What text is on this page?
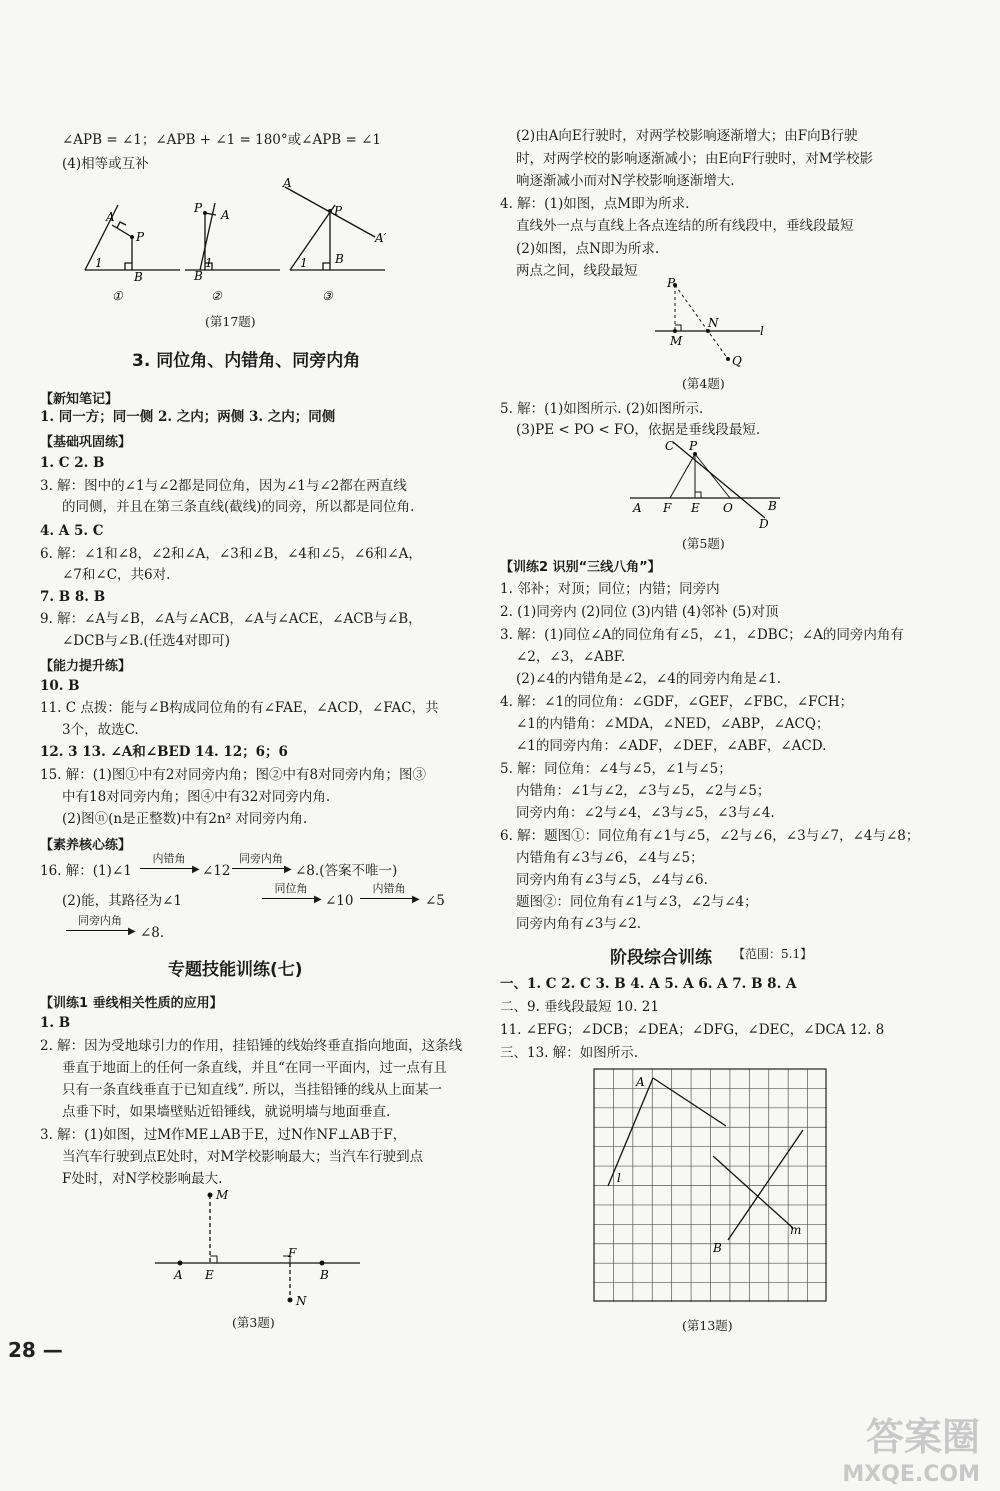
∠APB = ∠1；∠APB + ∠1 = 180°或∠APB = ∠1
(4)相等或互补
A
P
B
1
P A
B
1
A
A′
B
1
P
①	②	③
(第17题)
3. 同位角、内错角、同旁内角
【新知笔记】
1. 同一方；同一侧 2. 之内；两侧 3. 之内；同侧
【基础巩固练】
1. C 2. B
3. 解：图中的∠1与∠2都是同位角，因为∠1与∠2都在两直线
的同侧，并且在第三条直线(截线)的同旁，所以都是同位角.
4. A 5. C
6. 解：∠1和∠8，∠2和∠A，∠3和∠B，∠4和∠5，∠6和∠A，
∠7和∠C，共6对.
7. B 8. B
9. 解：∠A与∠B，∠A与∠ACB，∠A与∠ACE，∠ACB与∠B，
∠DCB与∠B.(任选4对即可)
【能力提升练】
10. B
11. C 点拨：能与∠B构成同位角的有∠FAE，∠ACD，∠FAC，共
3个，故选C.
12. 3 13. ∠A和∠BED 14. 12；6；6
15. 解：(1)图①中有2对同旁内角；图②中有8对同旁内角；图③
中有18对同旁内角；图④中有32对同旁内角.
(2)图ⓝ(n是正整数)中有2n² 对同旁内角.
【素养核心练】
16. 解：(1)∠1
内错角
▶ ∠12
同旁内角
▶ ∠8.(答案不唯一)
(2)能，其路径为∠1
同位角
▶ ∠10
内错角
▶ ∠5
同旁内角
▶ ∠8.
专题技能训练(七)
【训练1 垂线相关性质的应用】
1. B
2. 解：因为受地球引力的作用，挂铅锤的线始终垂直指向地面，这条线
垂直于地面上的任何一条直线，并且“在同一平面内，过一点有且
只有一条直线垂直于已知直线”. 所以，当挂铅锤的线从上面某一
点垂下时，如果墙壁贴近铅锤线，就说明墙与地面垂直.
3. 解：(1)如图，过M作ME⊥AB于E，过N作NF⊥AB于F，
当汽车行驶到点E处时，对M学校影响最大；当汽车行驶到点
F处时，对N学校影响最大.
A E
F
B
M
N
(第3题)
28 —
(2)由A向E行驶时，对两学校影响逐渐增大；由F向B行驶
时，对两学校的影响逐渐减小；由E向F行驶时，对M学校影
响逐渐减小而对N学校影响逐渐增大.
4. 解：(1)如图，点M即为所求.
直线外一点与直线上各点连结的所有线段中，垂线段最短
(2)如图，点N即为所求.
两点之间，线段最短
P
N
M
Q
l
(第4题)
5. 解：(1)如图所示. (2)如图所示.
(3)PE < PO < FO，依据是垂线段最短.
C P
A F E O	B
D
(第5题)
【训练2 识别“三线八角”】
1. 邻补；对顶；同位；内错；同旁内
2. (1)同旁内 (2)同位 (3)内错 (4)邻补 (5)对顶
3. 解：(1)同位∠A的同位角有∠5，∠1，∠DBC；∠A的同旁内角有
∠2，∠3，∠ABF.
(2)∠4的内错角是∠2，∠4的同旁内角是∠1.
4. 解：∠1的同位角：∠GDF，∠GEF，∠FBC，∠FCH；
∠1的内错角：∠MDA，∠NED，∠ABP，∠ACQ；
∠1的同旁内角：∠ADF，∠DEF，∠ABF，∠ACD.
5. 解：同位角：∠4与∠5，∠1与∠5；
内错角：∠1与∠2，∠3与∠5，∠2与∠5；
同旁内角：∠2与∠4，∠3与∠5，∠3与∠4.
6. 解：题图①：同位角有∠1与∠5，∠2与∠6，∠3与∠7，∠4与∠8；
内错角有∠3与∠6，∠4与∠5；
同旁内角有∠3与∠5，∠4与∠6.
题图②：同位角有∠1与∠3，∠2与∠4；
同旁内角有∠3与∠2.
阶段综合训练 【范围：5.1】
一、1. C 2. C 3. B 4. A 5. A 6. A 7. B 8. A
二、9. 垂线段最短 10. 21
11. ∠EFG；∠DCB；∠DEA；∠DFG，∠DEC，∠DCA 12. 8
三、13. 解：如图所示.
A
l
B
m
(第13题)
答案圈
MXQE.COM
